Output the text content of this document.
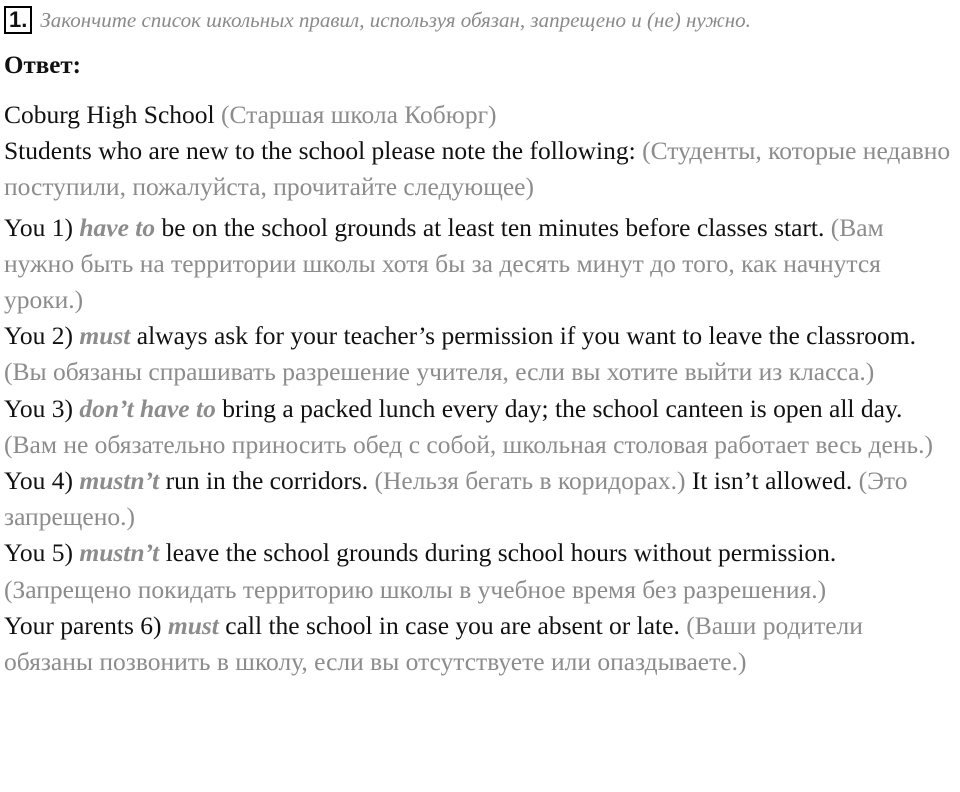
1. Закончите список школьных правил, используя обязан, запрещено и (не) нужно.
Ответ:

Coburg High School (Старшая школа Кобюрг)

Students who are new to the school please note the following: (Студенты, которые недавно поступили, пожалуйста, прочитайте следующее)

You 1) have to be on the school grounds at least ten minutes before classes start. (Вам нужно быть на территории школы хотя бы за десять минут до того, как начнутся уроки.)

You 2) must always ask for your teacher’s permission if you want to leave the classroom. (Вы обязаны спрашивать разрешение учителя, если вы хотите выйти из класса.)

You 3) don’t have to bring a packed lunch every day; the school canteen is open all day. (Вам не обязательно приносить обед с собой, школьная столовая работает весь день.)

You 4) mustn’t run in the corridors. (Нельзя бегать в коридорах.) It isn’t allowed. (Это запрещено.)

You 5) mustn’t leave the school grounds during school hours without permission. (Запрещено покидать территорию школы в учебное время без разрешения.)

Your parents 6) must call the school in case you are absent or late. (Ваши родители обязаны позвонить в школу, если вы отсутствуете или опаздываете.)
